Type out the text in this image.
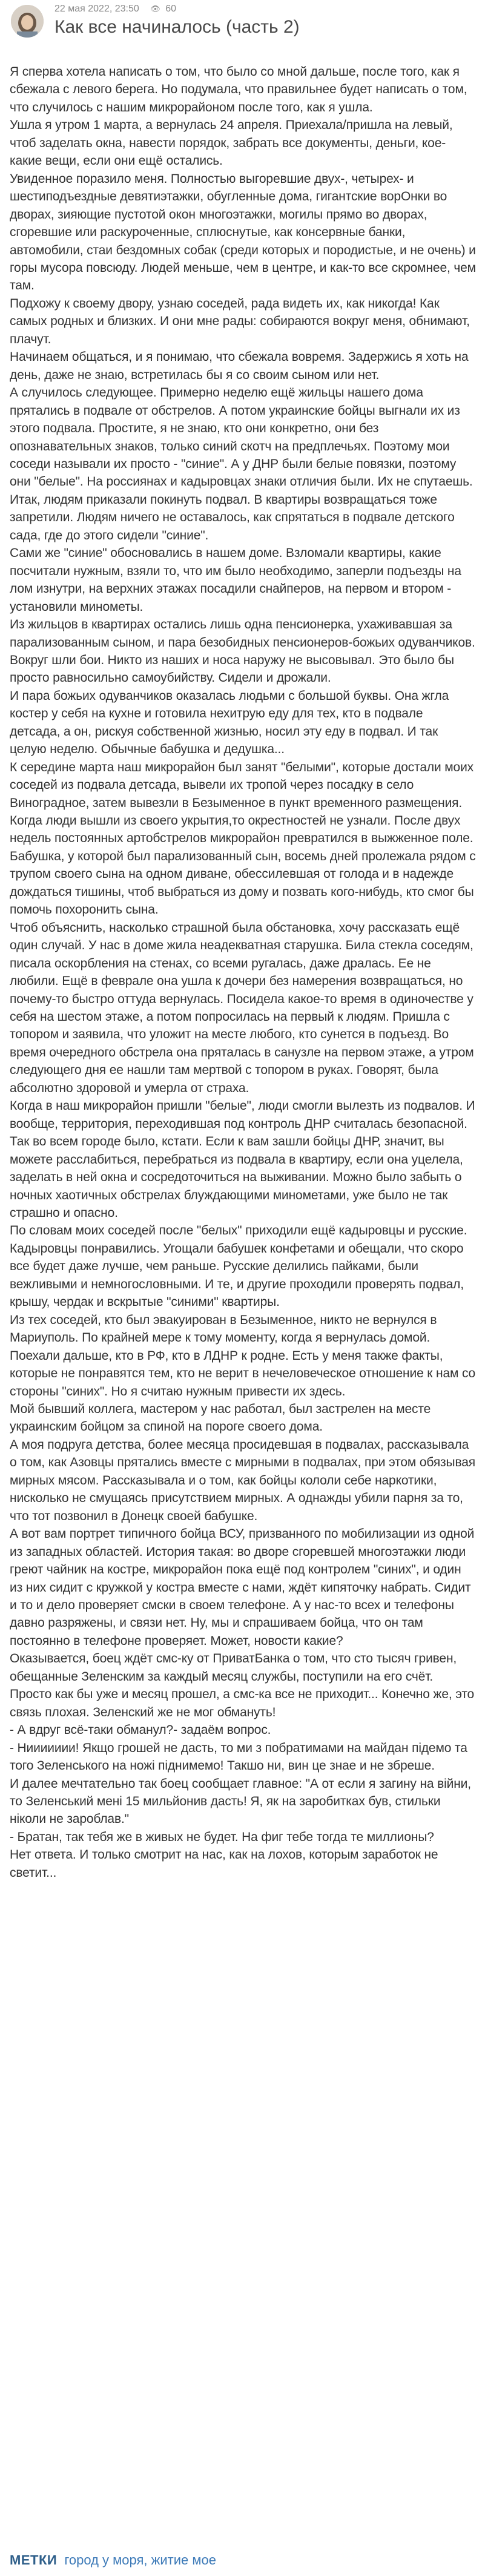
22 мая 2022, 23:50 👁 60
Как все начиналось (часть 2)

Я сперва хотела написать о том, что было со мной дальше, после того, как я сбежала с левого берега. Но подумала, что правильнее будет написать о том, что случилось с нашим микрорайоном после того, как я ушла.

Ушла я утром 1 марта, а вернулась 24 апреля. Приехала/пришла на левый, чтоб заделать окна, навести порядок, забрать все документы, деньги, кое-какие вещи, если они ещё остались.

Увиденное поразило меня. Полностью выгоревшие двух-, четырех- и шестиподъездные девятиэтажки, обугленные дома, гигантские ворОнки во дворах, зияющие пустотой окон многоэтажки, могилы прямо во дворах, сгоревшие или раскуроченные, сплюснутые, как консервные банки, автомобили, стаи бездомных собак (среди которых и породистые, и не очень) и горы мусора повсюду. Людей меньше, чем в центре, и как-то все скромнее, чем там.

Подхожу к своему двору, узнаю соседей, рада видеть их, как никогда! Как самых родных и близких. И они мне рады: собираются вокруг меня, обнимают, плачут.

Начинаем общаться, и я понимаю, что сбежала вовремя. Задержись я хоть на день, даже не знаю, встретилась бы я со своим сыном или нет.

А случилось следующее. Примерно неделю ещё жильцы нашего дома прятались в подвале от обстрелов. А потом украинские бойцы выгнали их из этого подвала. Простите, я не знаю, кто они конкретно, они без опознавательных знаков, только синий скотч на предплечьях. Поэтому мои соседи называли их просто - "синие". А у ДНР были белые повязки, поэтому они "белые". На россиянах и кадыровцах знаки отличия были. Их не спутаешь.

Итак, людям приказали покинуть подвал. В квартиры возвращаться тоже запретили. Людям ничего не оставалось, как спрятаться в подвале детского сада, где до этого сидели "синие".

Сами же "синие" обосновались в нашем доме. Взломали квартиры, какие посчитали нужным, взяли то, что им было необходимо, заперли подъезды на лом изнутри, на верхних этажах посадили снайперов, на первом и втором - установили минометы.

Из жильцов в квартирах остались лишь одна пенсионерка, ухаживавшая за парализованным сыном, и пара безобидных пенсионеров-божьих одуванчиков.

Вокруг шли бои. Никто из наших и носа наружу не высовывал. Это было бы просто равносильно самоубийству. Сидели и дрожали.

И пара божьих одуванчиков оказалась людьми с большой буквы. Она жгла костер у себя на кухне и готовила нехитрую еду для тех, кто в подвале детсада, а он, рискуя собственной жизнью, носил эту еду в подвал. И так целую неделю. Обычные бабушка и дедушка...

К середине марта наш микрорайон был занят "белыми", которые достали моих соседей из подвала детсада, вывели их тропой через посадку в село Виноградное, затем вывезли в Безыменное в пункт временного размещения. Когда люди вышли из своего укрытия,то окрестностей не узнали. После двух недель постоянных артобстрелов микрорайон превратился в выжженное поле.

Бабушка, у которой был парализованный сын, восемь дней пролежала рядом с трупом своего сына на одном диване, обессилевшая от голода и в надежде дождаться тишины, чтоб выбраться из дому и позвать кого-нибудь, кто смог бы помочь похоронить сына.

Чтоб объяснить, насколько страшной была обстановка, хочу рассказать ещё один случай. У нас в доме жила неадекватная старушка. Била стекла соседям, писала оскорбления на стенах, со всеми ругалась, даже дралась. Ее не любили. Ещё в феврале она ушла к дочери без намерения возвращаться, но почему-то быстро оттуда вернулась. Посидела какое-то время в одиночестве у себя на шестом этаже, а потом попросилась на первый к людям. Пришла с топором и заявила, что уложит на месте любого, кто сунется в подъезд. Во время очередного обстрела она пряталась в санузле на первом этаже, а утром следующего дня ее нашли там мертвой с топором в руках. Говорят, была абсолютно здоровой и умерла от страха.

Когда в наш микрорайон пришли "белые", люди смогли вылезть из подвалов. И вообще, территория, переходившая под контроль ДНР считалась безопасной. Так во всем городе было, кстати. Если к вам зашли бойцы ДНР, значит, вы можете расслабиться, перебраться из подвала в квартиру, если она уцелела, заделать в ней окна и сосредоточиться на выживании. Можно было забыть о ночных хаотичных обстрелах блуждающими минометами, уже было не так страшно и опасно.

По словам моих соседей после "белых" приходили ещё кадыровцы и русские. Кадыровцы понравились. Угощали бабушек конфетами и обещали, что скоро все будет даже лучше, чем раньше. Русские делились пайками, были вежливыми и немногословными. И те, и другие проходили проверять подвал, крышу, чердак и вскрытые "синими" квартиры.

Из тех соседей, кто был эвакуирован в Безыменное, никто не вернулся в Мариуполь. По крайней мере к тому моменту, когда я вернулась домой. Поехали дальше, кто в РФ, кто в ЛДНР к родне. Есть у меня также факты, которые не понравятся тем, кто не верит в нечеловеческое отношение к нам со стороны "синих". Но я считаю нужным привести их здесь.

Мой бывший коллега, мастером у нас работал, был застрелен на месте украинским бойцом за спиной на пороге своего дома.

А моя подруга детства, более месяца просидевшая в подвалах, рассказывала о том, как Азовцы прятались вместе с мирными в подвалах, при этом обязывая мирных мясом. Рассказывала и о том, как бойцы кололи себе наркотики, нисколько не смущаясь присутствием мирных. А однажды убили парня за то, что тот позвонил в Донецк своей бабушке.

А вот вам портрет типичного бойца ВСУ, призванного по мобилизации из одной из западных областей. История такая: во дворе сгоревшей многоэтажки люди греют чайник на костре, микрорайон пока ещё под контролем "синих", и один из них сидит с кружкой у костра вместе с нами, ждёт кипяточку набрать. Сидит и то и дело проверяет смски в своем телефоне. А у нас-то всех и телефоны давно разряжены, и связи нет. Ну, мы и спрашиваем бойца, что он там постоянно в телефоне проверяет. Может, новости какие?

Оказывается, боец ждёт смс-ку от ПриватБанка о том, что сто тысяч гривен, обещанные Зеленским за каждый месяц службы, поступили на его счёт. Просто как бы уже и месяц прошел, а смс-ка все не приходит... Конечно же, это связь плохая. Зеленский же не мог обмануть!

- А вдруг всё-таки обманул?- задаём вопрос.

- Ниииииии! Якщо грошей не дасть, то ми з побратимами на майдан підемо та того Зеленського на ножі піднимемо! Такшо ни, вин це знае и не збреше.

И далее мечтательно так боец сообщает главное: "А от если я загину на війни, то Зеленський мені 15 мильйонив дасть! Я, як на заробитках був, стильки ніколи не зароблав."

- Братан, так тебя же в живых не будет. На фиг тебе тогда те миллионы?

Нет ответа. И только смотрит на нас, как на лохов, которым заработок не светит...

МЕТКИ город у моря, житие мое
